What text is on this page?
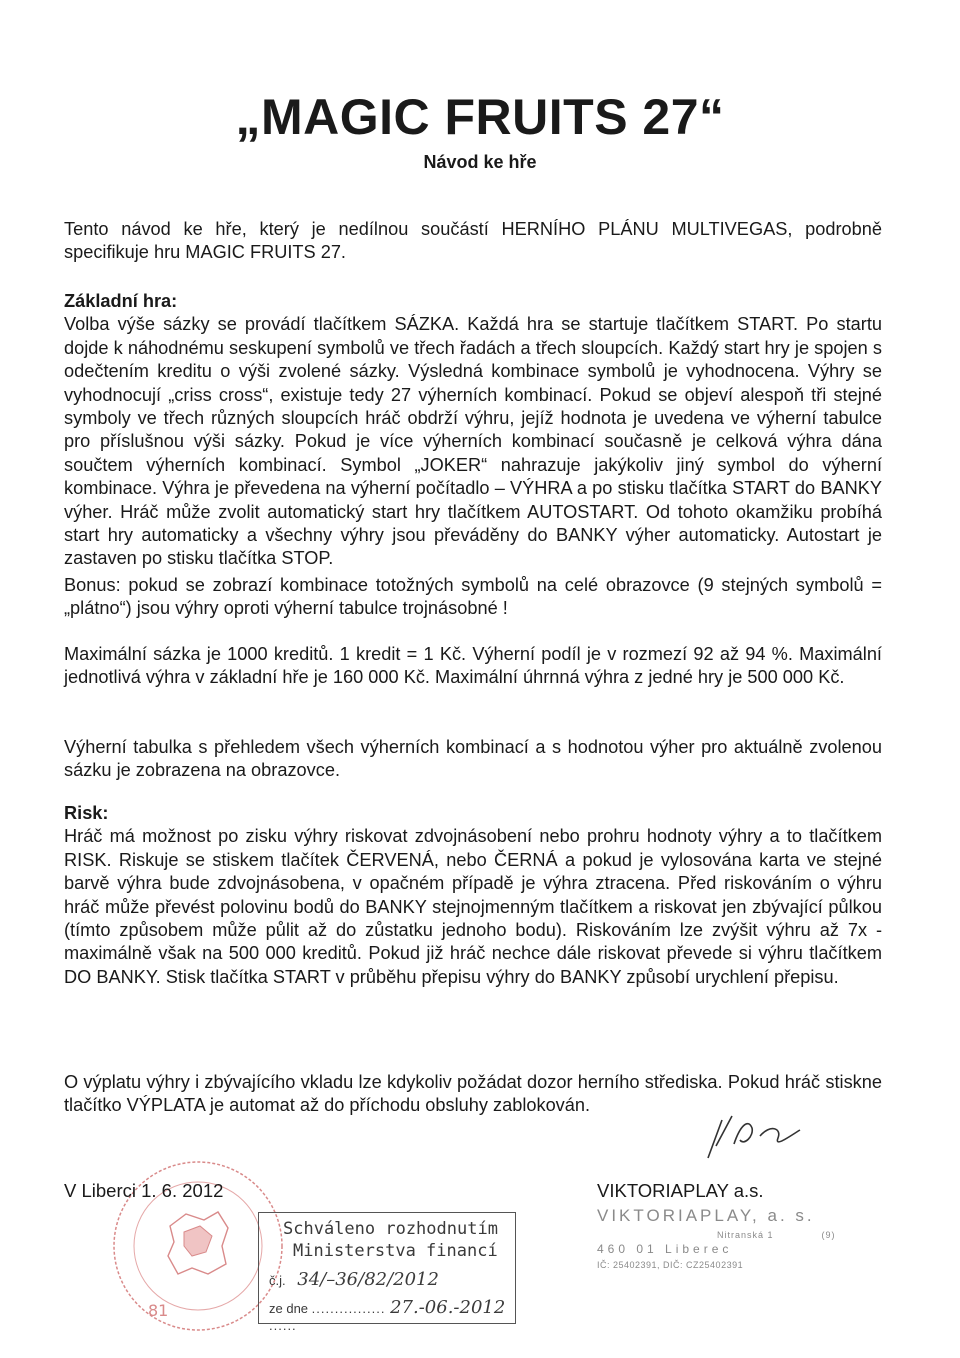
„MAGIC FRUITS 27“
Návod ke hře

Tento návod ke hře, který je nedílnou součástí HERNÍHO PLÁNU MULTIVEGAS, podrobně specifikuje hru MAGIC FRUITS 27.

Základní hra:
Volba výše sázky se provádí tlačítkem SÁZKA. Každá hra se startuje tlačítkem START. Po startu dojde k náhodnému seskupení symbolů ve třech řadách a třech sloupcích. Každý start hry je spojen s odečtením kreditu o výši zvolené sázky. Výsledná kombinace symbolů je vyhodnocena. Výhry se vyhodnocují „criss cross“, existuje tedy 27 výherních kombinací. Pokud se objeví alespoň tři stejné symboly ve třech různých sloupcích hráč obdrží výhru, jejíž hodnota je uvedena ve výherní tabulce pro příslušnou výši sázky. Pokud je více výherních kombinací současně je celková výhra dána součtem výherních kombinací. Symbol „JOKER“ nahrazuje jakýkoliv jiný symbol do výherní kombinace. Výhra je převedena na výherní počítadlo – VÝHRA a po stisku tlačítka START do BANKY výher. Hráč může zvolit automatický start hry tlačítkem AUTOSTART. Od tohoto okamžiku probíhá start hry automaticky a všechny výhry jsou převáděny do BANKY výher automaticky. Autostart je zastaven po stisku tlačítka STOP.

Bonus: pokud se zobrazí kombinace totožných symbolů na celé obrazovce (9 stejných symbolů = „plátno“) jsou výhry oproti výherní tabulce trojnásobné !

Maximální sázka je 1000 kreditů. 1 kredit = 1 Kč. Výherní podíl je v rozmezí 92 až 94 %. Maximální jednotlivá výhra v základní hře je 160 000 Kč. Maximální úhrnná výhra z jedné hry je 500 000 Kč.

Výherní tabulka s přehledem všech výherních kombinací a s hodnotou výher pro aktuálně zvolenou sázku je zobrazena na obrazovce.

Risk:
Hráč má možnost po zisku výhry riskovat zdvojnásobení nebo prohru hodnoty výhry a to tlačítkem RISK. Riskuje se stiskem tlačítek ČERVENÁ, nebo ČERNÁ a pokud je vylosována karta ve stejné barvě výhra bude zdvojnásobena, v opačném případě je výhra ztracena. Před riskováním o výhru hráč může převést polovinu bodů do BANKY stejnojmenným tlačítkem a riskovat jen zbývající půlkou (tímto způsobem může půlit až do zůstatku jednoho bodu). Riskováním lze zvýšit výhru až 7x - maximálně však na 500 000 kreditů. Pokud již hráč nechce dále riskovat převede si výhru tlačítkem DO BANKY. Stisk tlačítka START v průběhu přepisu výhry do BANKY způsobí urychlení přepisu.

O výplatu výhry i zbývajícího vkladu lze kdykoliv požádat dozor herního střediska. Pokud hráč stiskne tlačítko VÝPLATA je automat až do příchodu obsluhy zablokován.

81
V Liberci 1. 6. 2012	VIKTORIAPLAY a.s.
VIKTORIAPLAY, a. s.
Nitranská 1	(9)
460 01 Liberec
IČ: 25402391, DIČ: CZ25402391
Schváleno rozhodnutím
Ministerstva financí
č.j. 34/–36/82/2012
ze dne ................ 27.-06.-2012 ......
